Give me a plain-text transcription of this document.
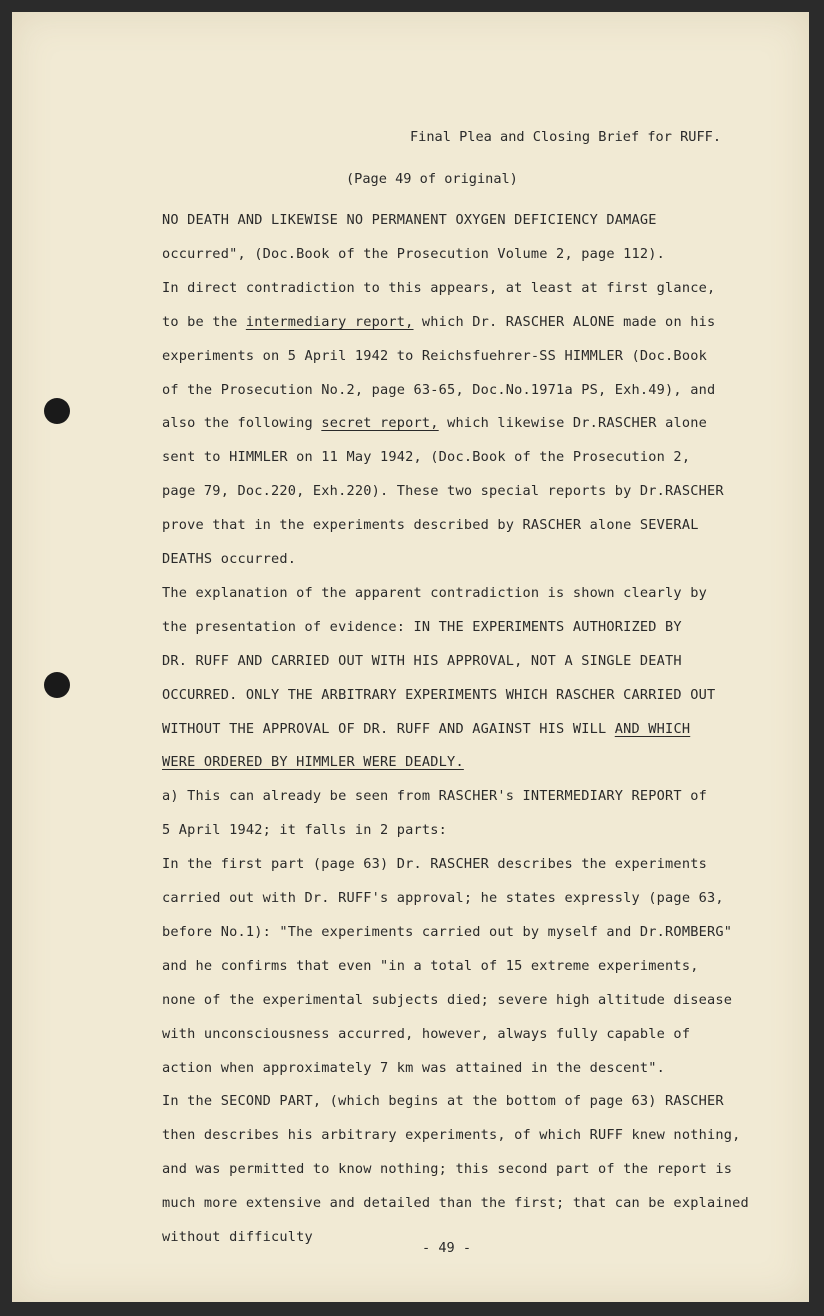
Final Plea and Closing Brief for RUFF.
(Page 49 of original)
NO DEATH AND LIKEWISE NO PERMANENT OXYGEN DEFICIENCY DAMAGE
occurred", (Doc.Book of the Prosecution Volume 2, page 112).
In direct contradiction to this appears, at least at first glance,
to be the intermediary report, which Dr. RASCHER ALONE made on his
experiments on 5 April 1942 to Reichsfuehrer-SS HIMMLER (Doc.Book
of the Prosecution No.2, page 63-65, Doc.No.1971a PS, Exh.49), and
also the following secret report, which likewise Dr.RASCHER alone
sent to HIMMLER on 11 May 1942, (Doc.Book of the Prosecution 2,
page 79, Doc.220, Exh.220). These two special reports by Dr.RASCHER
prove that in the experiments described by RASCHER alone SEVERAL
DEATHS occurred.
The explanation of the apparent contradiction is shown clearly by
the presentation of evidence: IN THE EXPERIMENTS AUTHORIZED BY
DR. RUFF AND CARRIED OUT WITH HIS APPROVAL, NOT A SINGLE DEATH
OCCURRED. ONLY THE ARBITRARY EXPERIMENTS WHICH RASCHER CARRIED OUT
WITHOUT THE APPROVAL OF DR. RUFF AND AGAINST HIS WILL AND WHICH
WERE ORDERED BY HIMMLER WERE DEADLY.
a) This can already be seen from RASCHER's INTERMEDIARY REPORT of
5 April 1942; it falls in 2 parts:
In the first part (page 63) Dr. RASCHER describes the experiments
carried out with Dr. RUFF's approval; he states expressly (page 63,
before No.1): "The experiments carried out by myself and Dr.ROMBERG"
and he confirms that even "in a total of 15 extreme experiments,
none of the experimental subjects died; severe high altitude disease
with unconsciousness accurred, however, always fully capable of
action when approximately 7 km was attained in the descent".
In the SECOND PART, (which begins at the bottom of page 63) RASCHER
then describes his arbitrary experiments, of which RUFF knew nothing,
and was permitted to know nothing; this second part of the report is
much more extensive and detailed than the first; that can be explained
without difficulty
- 49 -
